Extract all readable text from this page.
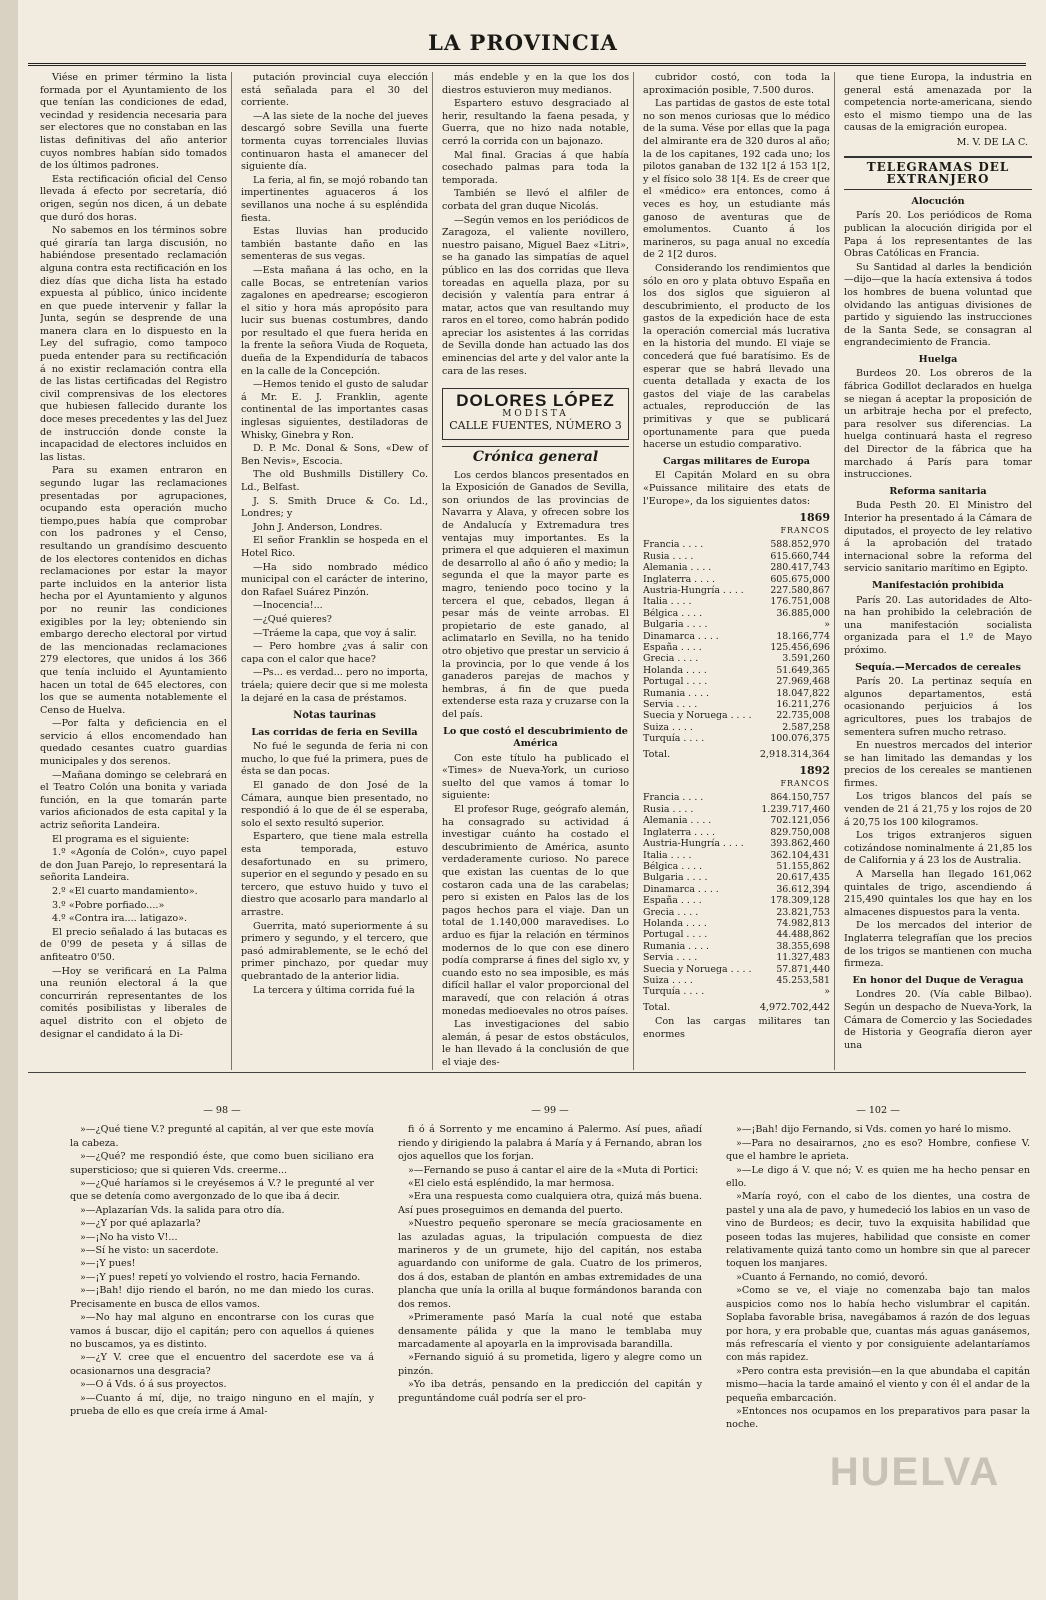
LA PROVINCIA

Viése en primer término la lista formada por el Ayuntamiento de los que tenían las condiciones de edad, vecindad y residencia necesaria para ser electores que no constaban en las listas definitivas del año anterior cuyos nombres habían sido tomados de los últimos padrones.

Esta rectificación oficial del Censo llevada á efecto por secretaría, dió origen, según nos dicen, á un debate que duró dos horas.

No sabemos en los términos sobre qué giraría tan larga discusión, no habiéndose presentado reclamación alguna contra esta rectificación en los diez días que dicha lista ha estado expuesta al público, único incidente en que puede intervenir y fallar la Junta, según se desprende de una manera clara en lo dispuesto en la Ley del sufragio, como tampoco pueda entender para su rectificación á no existir reclamación contra ella de las listas certificadas del Registro civil comprensivas de los electores que hubiesen fallecido durante los doce meses precedentes y las del Juez de instrucción donde conste la incapacidad de electores incluidos en las listas.

Para su examen entraron en segundo lugar las reclamaciones presentadas por agrupaciones, ocupando esta operación mucho tiempo,pues había que comprobar con los padrones y el Censo, resultando un grandísimo descuento de los electores contenidos en dichas reclamaciones por estar la mayor parte incluidos en la anterior lista hecha por el Ayuntamiento y algunos por no reunir las condiciones exigibles por la ley; obteniendo sin embargo derecho electoral por virtud de las mencionadas reclamaciones 279 electores, que unidos á los 366 que tenía incluido el Ayuntamiento hacen un total de 645 electores, con los que se aumenta notablemente el Censo de Huelva.

—Por falta y deficiencia en el servicio á ellos encomendado han quedado cesantes cuatro guardias municipales y dos serenos.

—Mañana domingo se celebrará en el Teatro Colón una bonita y variada función, en la que tomarán parte varios aficionados de esta capital y la actriz señorita Landeira.

El programa es el siguiente:

1.º «Agonía de Colón», cuyo papel de don Juan Parejo, lo representará la señorita Landeira.

2.º «El cuarto mandamiento».

3.º «Pobre porfiado....»

4.º «Contra ira.... latigazo».

El precio señalado á las butacas es de 0'99 de peseta y á sillas de anfiteatro 0'50.

—Hoy se verificará en La Palma una reunión electoral á la que concurrirán representantes de los comités posibilistas y liberales de aquel distrito con el objeto de designar el candidato á la Di-

putación provincial cuya elección está señalada para el 30 del corriente.

—A las siete de la noche del jueves descargó sobre Sevilla una fuerte tormenta cuyas torrenciales lluvias continuaron hasta el amanecer del siguiente día.

La feria, al fin, se mojó robando tan impertinentes aguaceros á los sevillanos una noche á su espléndida fiesta.

Estas lluvias han producido también bastante daño en las sementeras de sus vegas.

—Esta mañana á las ocho, en la calle Bocas, se entretenían varios zagalones en apedrearse; escogieron el sitio y hora más apropósito para lucir sus buenas costumbres, dando por resultado el que fuera herida en la frente la señora Viuda de Roqueta, dueña de la Expendiduría de tabacos en la calle de la Concepción.

—Hemos tenido el gusto de saludar á Mr. E. J. Franklin, agente continental de las importantes casas inglesas siguientes, destiladoras de Whisky, Ginebra y Ron.

D. P. Mc. Donal & Sons, «Dew of Ben Nevis», Escocia.

The old Bushmills Distillery Co. Ld., Belfast.

J. S. Smith Druce & Co. Ld., Londres; y

John J. Anderson, Londres.

El señor Franklin se hospeda en el Hotel Rico.

—Ha sido nombrado médico municipal con el carácter de interino, don Rafael Suárez Pinzón.

—Inocencia!...

—¿Qué quieres?

—Tráeme la capa, que voy á salir.

— Pero hombre ¿vas á salir con capa con el calor que hace?

—Ps... es verdad... pero no importa, tráela; quiere decir que si me molesta la dejaré en la casa de préstamos.

Notas taurinas
Las corridas de feria en Sevilla

No fué le segunda de feria ni con mucho, lo que fué la primera, pues de ésta se dan pocas.

El ganado de don José de la Cámara, aunque bien presentado, no respondió á lo que de él se esperaba, solo el sexto resultó superior.

Espartero, que tiene mala estrella esta temporada, estuvo desafortunado en su primero, superior en el segundo y pesado en su tercero, que estuvo huido y tuvo el diestro que acosarlo para mandarlo al arrastre.

Guerrita, mató superiormente á su primero y segundo, y el tercero, que pasó admirablemente, se le echó del primer pinchazo, por quedar muy quebrantado de la anterior lidia.

La tercera y última corrida fué la

más endeble y en la que los dos diestros estuvieron muy medianos.

Espartero estuvo desgraciado al herir, resultando la faena pesada, y Guerra, que no hizo nada notable, cerró la corrida con un bajonazo.

Mal final. Gracias á que había cosechado palmas para toda la temporada.

También se llevó el alfiler de corbata del gran duque Nicolás.

—Según vemos en los periódicos de Zaragoza, el valiente novillero, nuestro paisano, Miguel Baez «Litri», se ha ganado las simpatías de aquel público en las dos corridas que lleva toreadas en aquella plaza, por su decisión y valentía para entrar á matar, actos que van resultando muy raros en el toreo, como habrán podido apreciar los asistentes á las corridas de Sevilla donde han actuado las dos eminencias del arte y del valor ante la cara de las reses.

DOLORES LÓPEZ
MODISTA
CALLE FUENTES, NÚMERO 3
Crónica general

Los cerdos blancos presentados en la Exposición de Ganados de Sevilla, son oriundos de las provincias de Navarra y Alava, y ofrecen sobre los de Andalucía y Extremadura tres ventajas muy importantes. Es la primera el que adquieren el maximun de desarrollo al año ó año y medio; la segunda el que la mayor parte es magro, teniendo poco tocino y la tercera el que, cebados, llegan á pesar más de veinte arrobas. El propietario de este ganado, al aclimatarlo en Sevilla, no ha tenido otro objetivo que prestar un servicio á la provincia, por lo que vende á los ganaderos parejas de machos y hembras, á fin de que pueda extenderse esta raza y cruzarse con la del país.

Lo que costó el descubrimiento de América

Con este título ha publicado el «Times» de Nueva-York, un curioso suelto del que vamos á tomar lo siguiente:

El profesor Ruge, geógrafo alemán, ha consagrado su actividad á investigar cuánto ha costado el descubrimiento de América, asunto verdaderamente curioso. No parece que existan las cuentas de lo que costaron cada una de las carabelas; pero si existen en Palos las de los pagos hechos para el viaje. Dan un total de 1.140,000 maravedises. Lo arduo es fijar la relación en términos modernos de lo que con ese dinero podía comprarse á fines del siglo xv, y cuando esto no sea imposible, es más difícil hallar el valor proporcional del maravedí, que con relación á otras monedas medioevales no otros países.

Las investigaciones del sabio alemán, á pesar de estos obstáculos, le han llevado á la conclusión de que el viaje des-

cubridor costó, con toda la aproximación posible, 7.500 duros.

Las partidas de gastos de este total no son menos curiosas que lo médico de la suma. Vése por ellas que la paga del almirante era de 320 duros al año; la de los capitanes, 192 cada uno; los pilotos ganaban de 132 1[2 á 153 1[2, y el físico solo 38 1[4. Es de creer que el «médico» era entonces, como á veces es hoy, un estudiante más ganoso de aventuras que de emolumentos. Cuanto á los marineros, su paga anual no excedía de 2 1[2 duros.

Considerando los rendimientos que sólo en oro y plata obtuvo España en los dos siglos que siguieron al descubrimiento, el producto de los gastos de la expedición hace de esta la operación comercial más lucrativa en la historia del mundo. El viaje se concederá que fué baratísimo. Es de esperar que se habrá llevado una cuenta detallada y exacta de los gastos del viaje de las carabelas actuales, reproducción de las primitivas y que se publicará oportunamente para que pueda hacerse un estudio comparativo.

Cargas militares de Europa

El Capitán Molard en su obra «Puissance militaire des etats de l'Europe», da los siguientes datos:

1869
FRANCOS
Francia . . . .	588.852,970
Rusia . . . .	615.660,744
Alemania . . . .	280.417,743
Inglaterra . . . .	605.675,000
Austria-Hungría . . . .	227.580,867
Italia . . . .	176.751,008
Bélgica . . . .	36.885,000
Bulgaria . . . .	»
Dinamarca . . . .	18.166,774
España . . . .	125.456,696
Grecia . . . .	3.591,260
Holanda . . . .	51.649,365
Portugal . . . .	27.969,468
Rumania . . . .	18.047,822
Servia . . . .	16.211,276
Suecia y Noruega . . . .	22.735,008
Suiza . . . .	2.587,258
Turquía . . . .	100.076,375
Total.	2,918.314,364
1892
FRANCOS
Francia . . . .	864.150,757
Rusia . . . .	1.239.717,460
Alemania . . . .	702.121,056
Inglaterra . . . .	829.750,008
Austria-Hungría . . . .	393.862,460
Italia . . . .	362.104,431
Bélgica . . . .	51.155,862
Bulgaria . . . .	20.617,435
Dinamarca . . . .	36.612,394
España . . . .	178.309,128
Grecia . . . .	23.821,753
Holanda . . . .	74.982,813
Portugal . . . .	44.488,862
Rumania . . . .	38.355,698
Servia . . . .	11.327,483
Suecia y Noruega . . . .	57.871,440
Suiza . . . .	45.253,581
Turquía . . . .	»
Total.	4,972.702,442

Con las cargas militares tan enormes

que tiene Europa, la industria en general está amenazada por la competencia norte-americana, siendo esto el mismo tiempo una de las causas de la emigración europea.

M. V. DE LA C.
TELEGRAMAS DEL EXTRANJERO
Alocución

París 20. Los periódicos de Roma publican la alocución dirigida por el Papa á los representantes de las Obras Católicas en Francia.

Su Santidad al darles la bendición—dijo—que la hacía extensiva á todos los hombres de buena voluntad que olvidando las antiguas divisiones de partido y siguiendo las instrucciones de la Santa Sede, se consagran al engrandecimiento de Francia.

Huelga

Burdeos 20. Los obreros de la fábrica Godillot declarados en huelga se niegan á aceptar la proposición de un arbitraje hecha por el prefecto, para resolver sus diferencias. La huelga continuará hasta el regreso del Director de la fábrica que ha marchado á París para tomar instrucciones.

Reforma sanitaria

Buda Pesth 20. El Ministro del Interior ha presentado á la Cámara de diputados, el proyecto de ley relativo á la aprobación del tratado internacional sobre la reforma del servicio sanitario marítimo en Egipto.

Manifestación prohibida

París 20. Las autoridades de Alto-na han prohibido la celebración de una manifestación socialista organizada para el 1.º de Mayo próximo.

Sequía.—Mercados de cereales

París 20. La pertinaz sequía en algunos departamentos, está ocasionando perjuicios á los agricultores, pues los trabajos de sementera sufren mucho retraso.

En nuestros mercados del interior se han limitado las demandas y los precios de los cereales se mantienen firmes.

Los trigos blancos del país se venden de 21 á 21,75 y los rojos de 20 á 20,75 los 100 kilogramos.

Los trigos extranjeros siguen cotizándose nominalmente á 21,85 los de California y á 23 los de Australia.

A Marsella han llegado 161,062 quintales de trigo, ascendiendo á 215,490 quintales los que hay en los almacenes dispuestos para la venta.

De los mercados del interior de Inglaterra telegrafían que los precios de los trigos se mantienen con mucha firmeza.

En honor del Duque de Veragua

Londres 20. (Vía cable Bilbao). Según un despacho de Nueva-York, la Cámara de Comercio y las Sociedades de Historia y Geografía dieron ayer una

— 98 —

»—¿Qué tiene V.? pregunté al capitán, al ver que este movía la cabeza.

»—¿Qué? me respondió éste, que como buen siciliano era supersticioso; que si quieren Vds. creerme...

»—¿Qué haríamos si le creyésemos á V.? le pregunté al ver que se detenía como avergonzado de lo que iba á decir.

»—Aplazarían Vds. la salida para otro día.

»—¿Y por qué aplazarla?

»—¡No ha visto V!...

»—Sí he visto: un sacerdote.

»—¡Y pues!

»—¡Y pues! repetí yo volviendo el rostro, hacia Fernando.

»—¡Bah! dijo riendo el barón, no me dan miedo los curas. Precisamente en busca de ellos vamos.

»—No hay mal alguno en encontrarse con los curas que vamos á buscar, dijo el capitán; pero con aquellos á quienes no buscamos, ya es distinto.

»—¿Y V. cree que el encuentro del sacerdote ese va á ocasionarnos una desgracia?

»—O á Vds. ó á sus proyectos.

»—Cuanto á mí, dije, no traigo ninguno en el majín, y prueba de ello es que creía irme á Amal-

— 99 —

fi ó á Sorrento y me encamino á Palermo. Así pues, añadí riendo y dirigiendo la palabra á María y á Fernando, abran los ojos aquellos que los forjan.

»—Fernando se puso á cantar el aire de la «Muta di Portici:

«El cielo está espléndido, la mar hermosa.

»Era una respuesta como cualquiera otra, quizá más buena. Así pues proseguimos en demanda del puerto.

»Nuestro pequeño speronare se mecía graciosamente en las azuladas aguas, la tripulación compuesta de diez marineros y de un grumete, hijo del capitán, nos estaba aguardando con uniforme de gala. Cuatro de los primeros, dos á dos, estaban de plantón en ambas extremidades de una plancha que unía la orilla al buque formándonos baranda con dos remos.

»Primeramente pasó María la cual noté que estaba densamente pálida y que la mano le temblaba muy marcadamente al apoyarla en la improvisada barandilla.

»Fernando siguió á su prometida, ligero y alegre como un pinzón.

»Yo iba detrás, pensando en la predicción del capitán y preguntándome cuál podría ser el pro-

— 102 —

»—¡Bah! dijo Fernando, si Vds. comen yo haré lo mismo.

»—Para no desairarnos, ¿no es eso? Hombre, confiese V. que el hambre le aprieta.

»—Le digo á V. que nó; V. es quien me ha hecho pensar en ello.

»María royó, con el cabo de los dientes, una costra de pastel y una ala de pavo, y humedeció los labios en un vaso de vino de Burdeos; es decir, tuvo la exquisita habilidad que poseen todas las mujeres, habilidad que consiste en comer relativamente quizá tanto como un hombre sin que al parecer toquen los manjares.

»Cuanto á Fernando, no comió, devoró.

»Como se ve, el viaje no comenzaba bajo tan malos auspicios como nos lo había hecho vislumbrar el capitán. Soplaba favorable brisa, navegábamos á razón de dos leguas por hora, y era probable que, cuantas más aguas ganásemos, más refrescaría el viento y por consiguiente adelantaríamos con más rapidez.

»Pero contra esta previsión—en la que abundaba el capitán mismo—hacia la tarde amainó el viento y con él el andar de la pequeña embarcación.

»Entonces nos ocupamos en los preparativos para pasar la noche.

HUELVA
